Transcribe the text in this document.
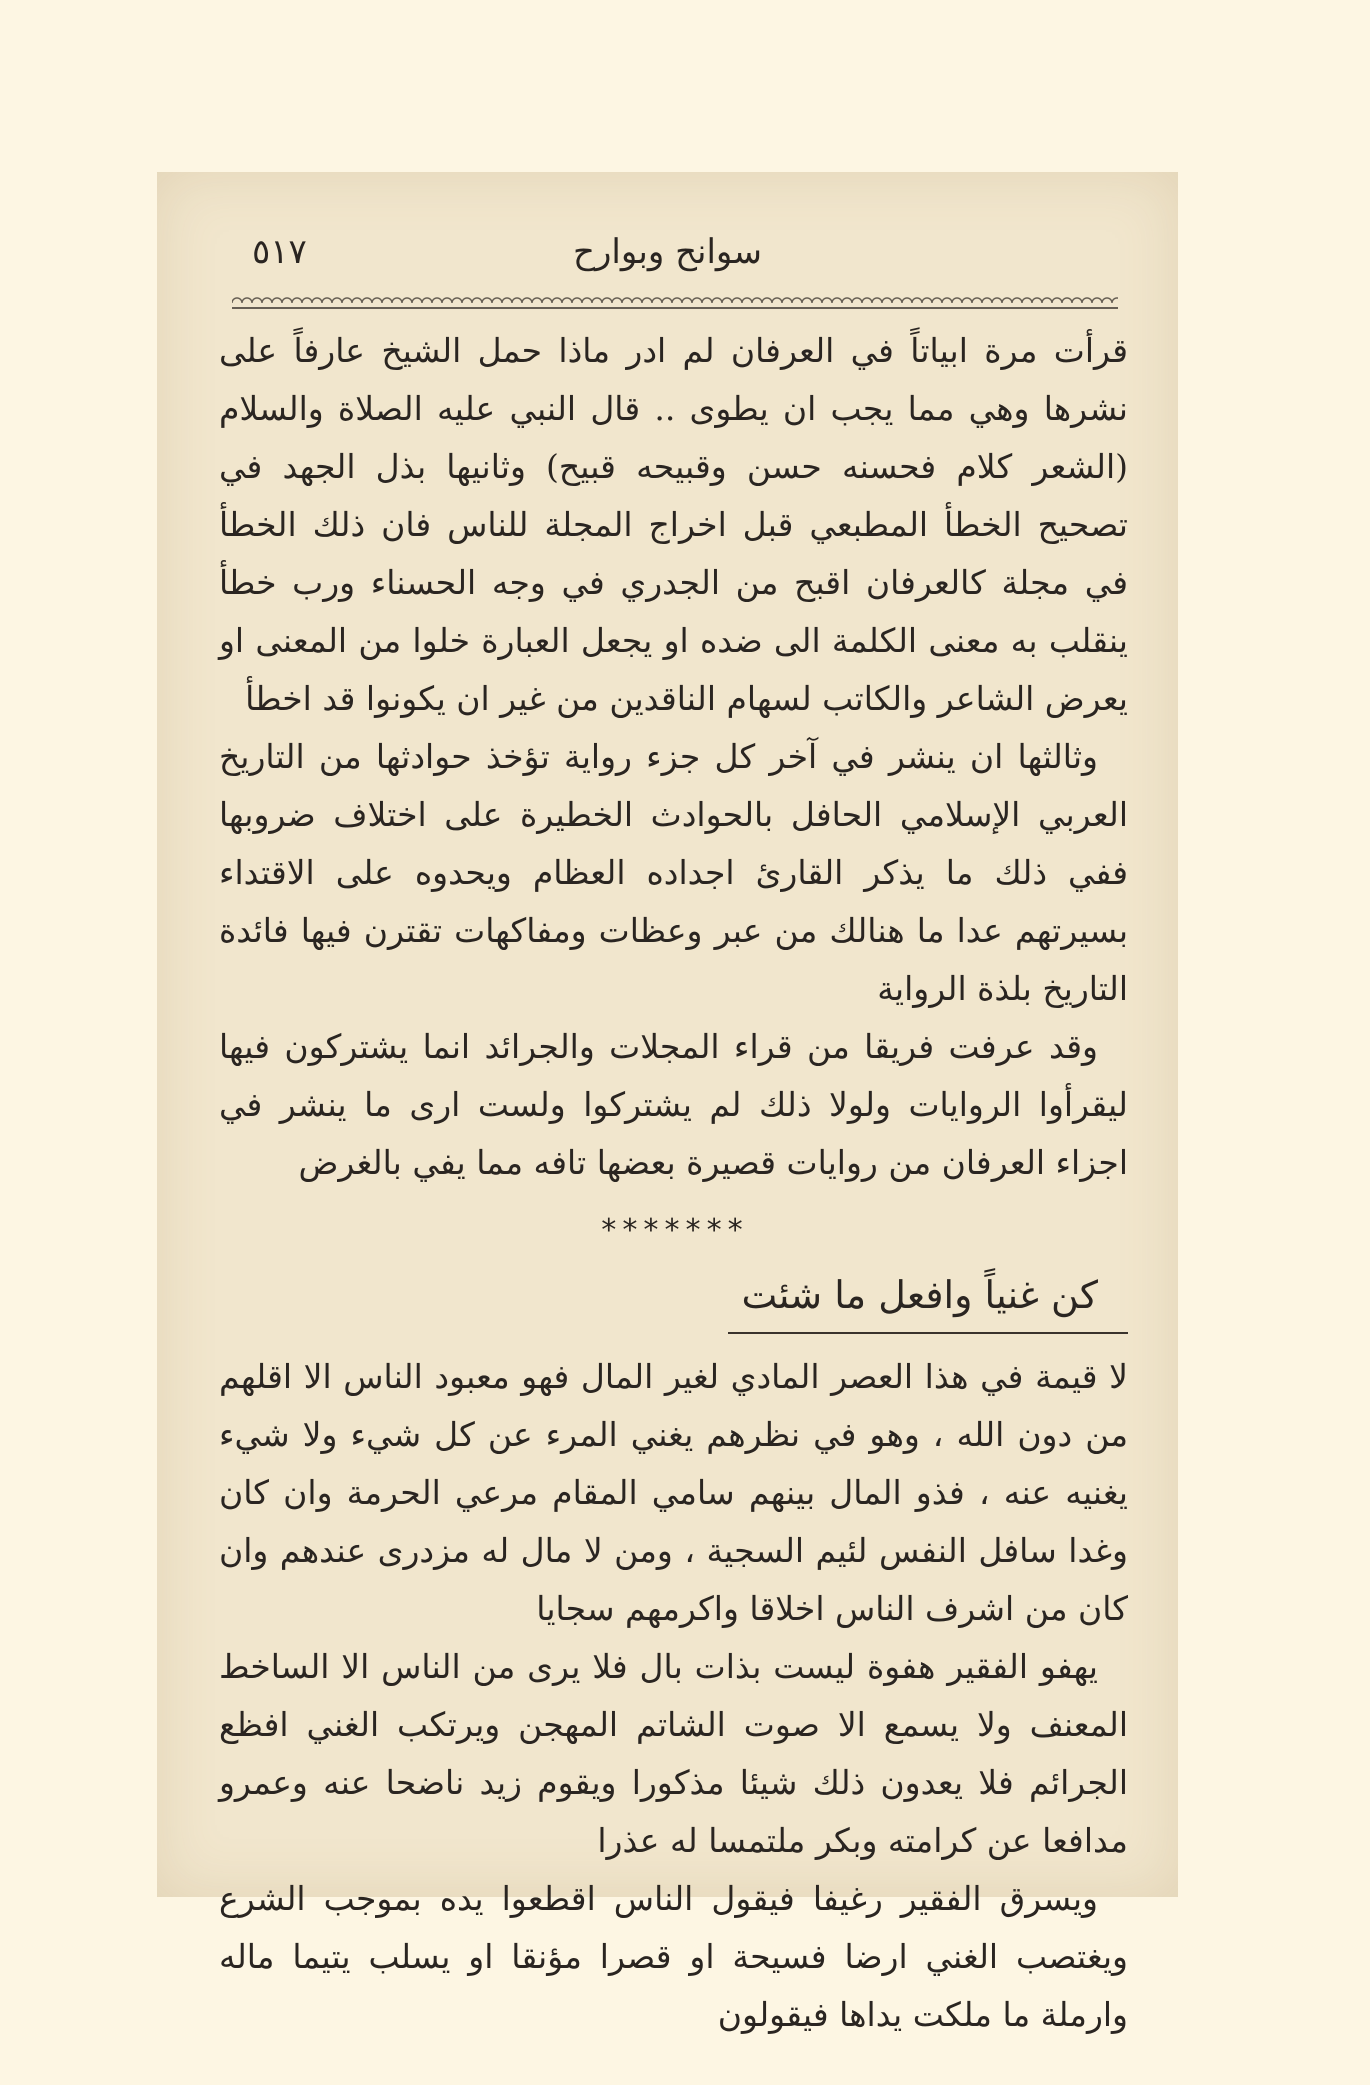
سوانح وبوارح
٥١٧

قرأت مرة ابياتاً في العرفان لم ادر ماذا حمل الشيخ عارفاً على نشرها وهي مما يجب ان يطوى .. قال النبي عليه الصلاة والسلام (الشعر كلام فحسنه حسن وقبيحه قبيح) وثانيها بذل الجهد في تصحيح الخطأ المطبعي قبل اخراج المجلة للناس فان ذلك الخطأ في مجلة كالعرفان اقبح من الجدري في وجه الحسناء ورب خطأ ينقلب به معنى الكلمة الى ضده او يجعل العبارة خلوا من المعنى او يعرض الشاعر والكاتب لسهام الناقدين من غير ان يكونوا قد اخطأ

وثالثها ان ينشر في آخر كل جزء رواية تؤخذ حوادثها من التاريخ العربي الإسلامي الحافل بالحوادث الخطيرة على اختلاف ضروبها ففي ذلك ما يذكر القارئ اجداده العظام ويحدوه على الاقتداء بسيرتهم عدا ما هنالك من عبر وعظات ومفاكهات تقترن فيها فائدة التاريخ بلذة الرواية

وقد عرفت فريقا من قراء المجلات والجرائد انما يشتركون فيها ليقرأوا الروايات ولولا ذلك لم يشتركوا ولست ارى ما ينشر في اجزاء العرفان من روايات قصيرة بعضها تافه مما يفي بالغرض

*******
كن غنياً وافعل ما شئت

لا قيمة في هذا العصر المادي لغير المال فهو معبود الناس الا اقلهم من دون الله ، وهو في نظرهم يغني المرء عن كل شيء ولا شيء يغنيه عنه ، فذو المال بينهم سامي المقام مرعي الحرمة وان كان وغدا سافل النفس لئيم السجية ، ومن لا مال له مزدرى عندهم وان كان من اشرف الناس اخلاقا واكرمهم سجايا

يهفو الفقير هفوة ليست بذات بال فلا يرى من الناس الا الساخط المعنف ولا يسمع الا صوت الشاتم المهجن ويرتكب الغني افظع الجرائم فلا يعدون ذلك شيئا مذكورا ويقوم زيد ناضحا عنه وعمرو مدافعا عن كرامته وبكر ملتمسا له عذرا

ويسرق الفقير رغيفا فيقول الناس اقطعوا يده بموجب الشرع ويغتصب الغني ارضا فسيحة او قصرا مؤنقا او يسلب يتيما ماله وارملة ما ملكت يداها فيقولون
